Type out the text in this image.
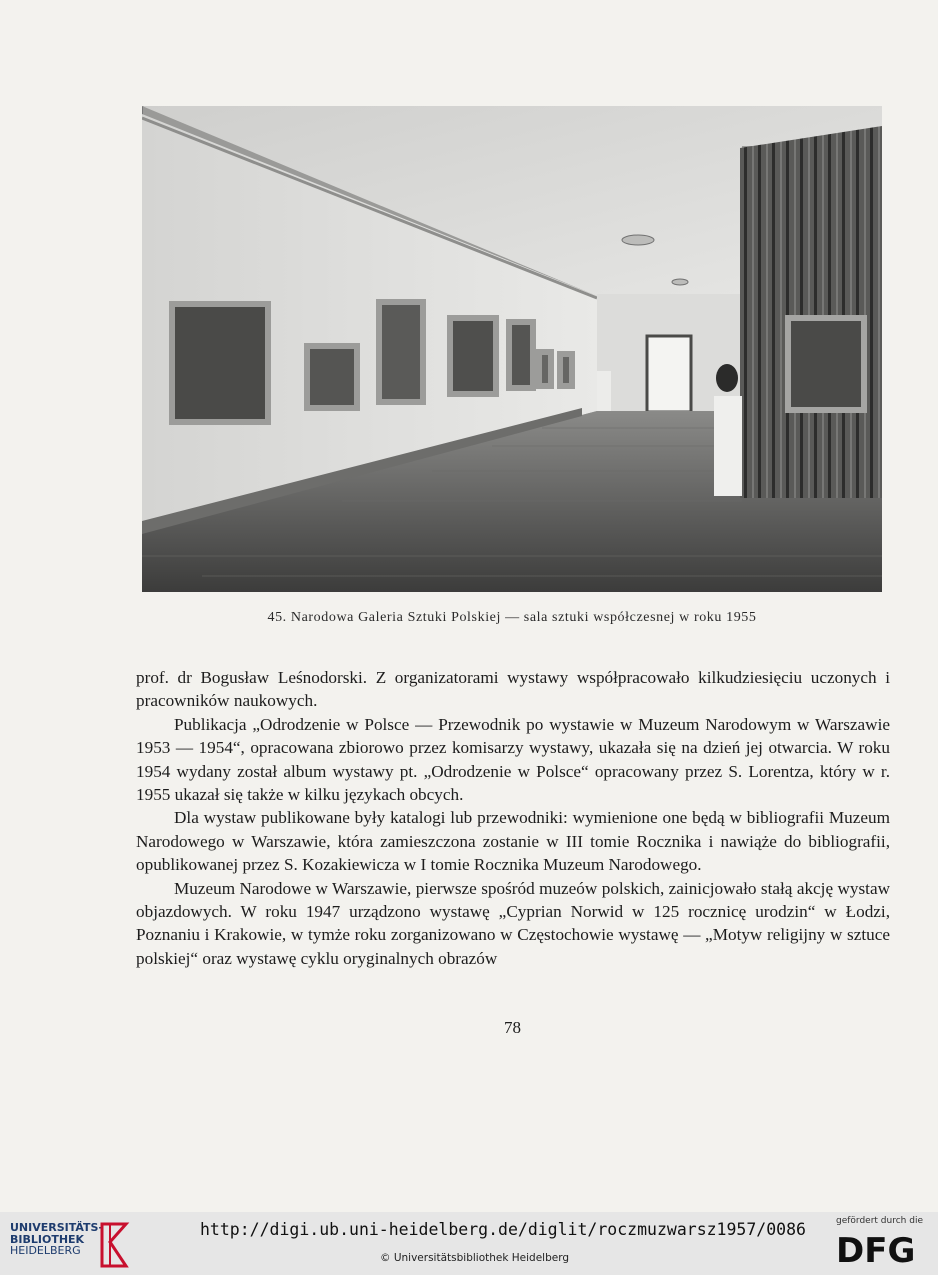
45. Narodowa Galeria Sztuki Polskiej — sala sztuki współczesnej w roku 1955

prof. dr Bogusław Leśnodorski. Z organizatorami wystawy współpracowało kilkudziesięciu uczonych i pracowników naukowych.

Publikacja „Odrodzenie w Polsce — Przewodnik po wystawie w Muzeum Narodowym w Warszawie 1953 — 1954“, opracowana zbiorowo przez komisarzy wystawy, ukazała się na dzień jej otwarcia. W roku 1954 wydany został album wystawy pt. „Odrodzenie w Polsce“ opracowany przez S. Lorentza, który w r. 1955 ukazał się także w kilku językach obcych.

Dla wystaw publikowane były katalogi lub przewodniki: wymienione one będą w bibliografii Muzeum Narodowego w Warszawie, która zamieszczona zostanie w III tomie Rocznika i nawiąże do bibliografii, opublikowanej przez S. Kozakiewicza w I tomie Rocznika Muzeum Narodowego.

Muzeum Narodowe w Warszawie, pierwsze spośród muzeów polskich, zainicjowało stałą akcję wystaw objazdowych. W roku 1947 urządzono wystawę „Cyprian Norwid w 125 rocznicę urodzin“ w Łodzi, Poznaniu i Krakowie, w tymże roku zorganizowano w Częstochowie wystawę — „Motyw religijny w sztuce polskiej“ oraz wystawę cyklu oryginalnych obrazów

78
UNIVERSITÄTS-
BIBLIOTHEK
HEIDELBERG
http://digi.ub.uni-heidelberg.de/diglit/roczmuzwarsz1957/0086
© Universitätsbibliothek Heidelberg
gefördert durch die
DFG
